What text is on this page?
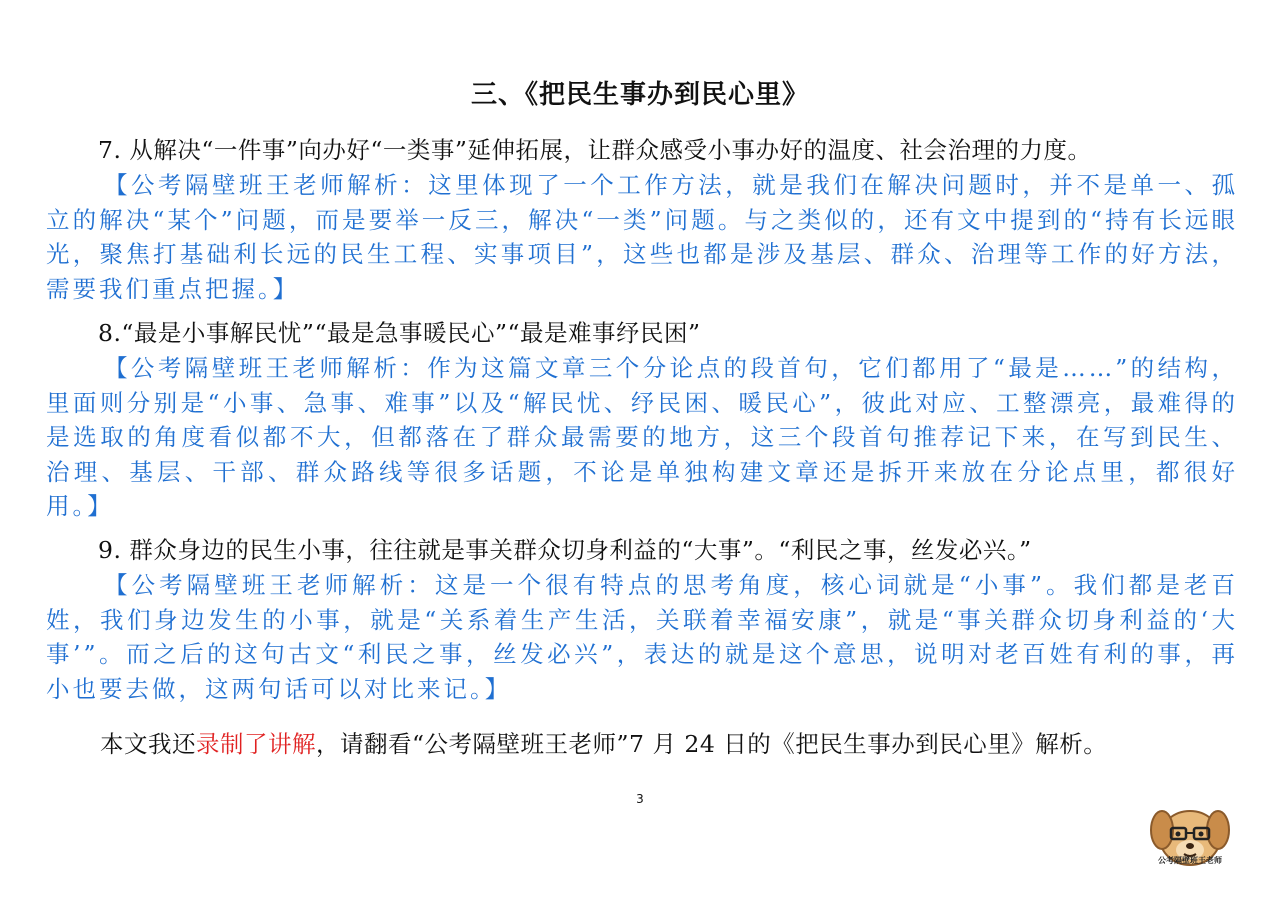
三、《把民生事办到民心里》
7. 从解决“一件事”向办好“一类事”延伸拓展，让群众感受小事办好的温度、社会治理的力度。
【公考隔壁班王老师解析：这里体现了一个工作方法，就是我们在解决问题时，并不是单一、孤立的解决“某个”问题，而是要举一反三，解决“一类”问题。与之类似的，还有文中提到的“持有长远眼光，聚焦打基础利长远的民生工程、实事项目”，这些也都是涉及基层、群众、治理等工作的好方法，需要我们重点把握。】
8.“最是小事解民忧”“最是急事暖民心”“最是难事纾民困”
【公考隔壁班王老师解析：作为这篇文章三个分论点的段首句，它们都用了“最是……”的结构，里面则分别是“小事、急事、难事”以及“解民忧、纾民困、暖民心”，彼此对应、工整漂亮，最难得的是选取的角度看似都不大，但都落在了群众最需要的地方，这三个段首句推荐记下来，在写到民生、治理、基层、干部、群众路线等很多话题，不论是单独构建文章还是拆开来放在分论点里，都很好用。】
9. 群众身边的民生小事，往往就是事关群众切身利益的“大事”。“利民之事，丝发必兴。”
【公考隔壁班王老师解析：这是一个很有特点的思考角度，核心词就是“小事”。我们都是老百姓，我们身边发生的小事，就是“关系着生产生活，关联着幸福安康”，就是“事关群众切身利益的‘大事’”。而之后的这句古文“利民之事，丝发必兴”，表达的就是这个意思，说明对老百姓有利的事，再小也要去做，这两句话可以对比来记。】
本文我还录制了讲解，请翻看“公考隔壁班王老师”7 月 24 日的《把民生事办到民心里》解析。
3
公考隔壁班王老师
